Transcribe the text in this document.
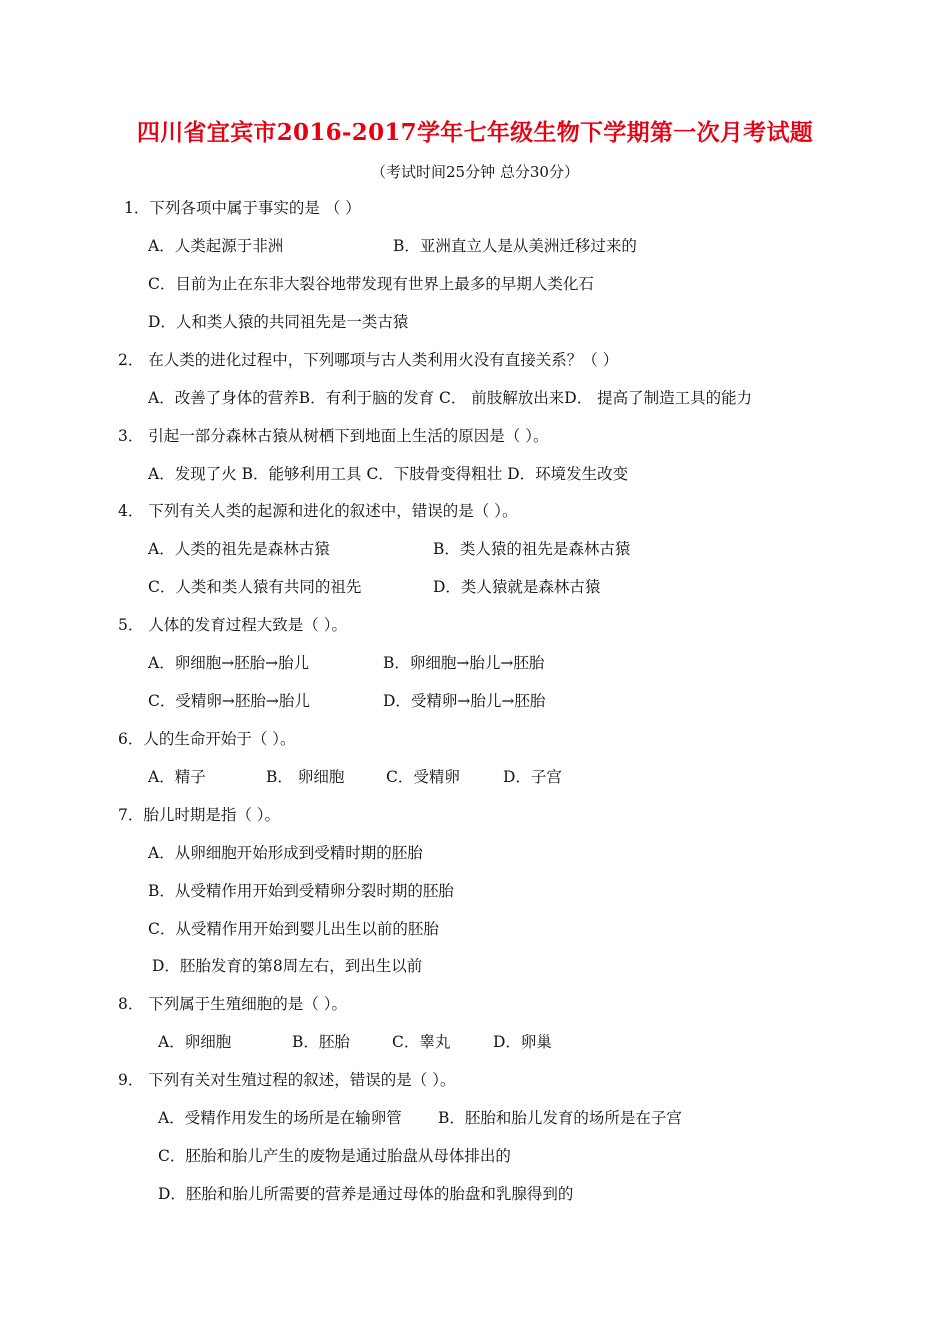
四川省宜宾市2016-2017学年七年级生物下学期第一次月考试题
（考试时间25分钟 总分30分）
1．下列各项中属于事实的是 （ ）
A．人类起源于非洲	B．亚洲直立人是从美洲迁移过来的
C．目前为止在东非大裂谷地带发现有世界上最多的早期人类化石
D．人和类人猿的共同祖先是一类古猿
2． 在人类的进化过程中，下列哪项与古人类利用火没有直接关系？（ ）
A．改善了身体的营养B．有利于脑的发育 C． 前肢解放出来D． 提高了制造工具的能力
3． 引起一部分森林古猿从树栖下到地面上生活的原因是（ ）。
A．发现了火 B．能够利用工具 C．下肢骨变得粗壮 D．环境发生改变
4． 下列有关人类的起源和进化的叙述中，错误的是（ ）。
A．人类的祖先是森林古猿	B．类人猿的祖先是森林古猿
C．人类和类人猿有共同的祖先	D．类人猿就是森林古猿
5． 人体的发育过程大致是（ ）。
A．卵细胞→胚胎→胎儿	B．卵细胞→胎儿→胚胎
C．受精卵→胚胎→胎儿	D．受精卵→胎儿→胚胎
6．人的生命开始于（ ）。
A．精子	B． 卵细胞	C．受精卵	D．子宫
7．胎儿时期是指（ ）。
A．从卵细胞开始形成到受精时期的胚胎
B．从受精作用开始到受精卵分裂时期的胚胎
C．从受精作用开始到婴儿出生以前的胚胎
D．胚胎发育的第8周左右，到出生以前
8． 下列属于生殖细胞的是（ ）。
A．卵细胞	B．胚胎	C．睾丸	D．卵巢
9． 下列有关对生殖过程的叙述，错误的是（ ）。
A．受精作用发生的场所是在输卵管 B．胚胎和胎儿发育的场所是在子宫
C．胚胎和胎儿产生的废物是通过胎盘从母体排出的
D．胚胎和胎儿所需要的营养是通过母体的胎盘和乳腺得到的
